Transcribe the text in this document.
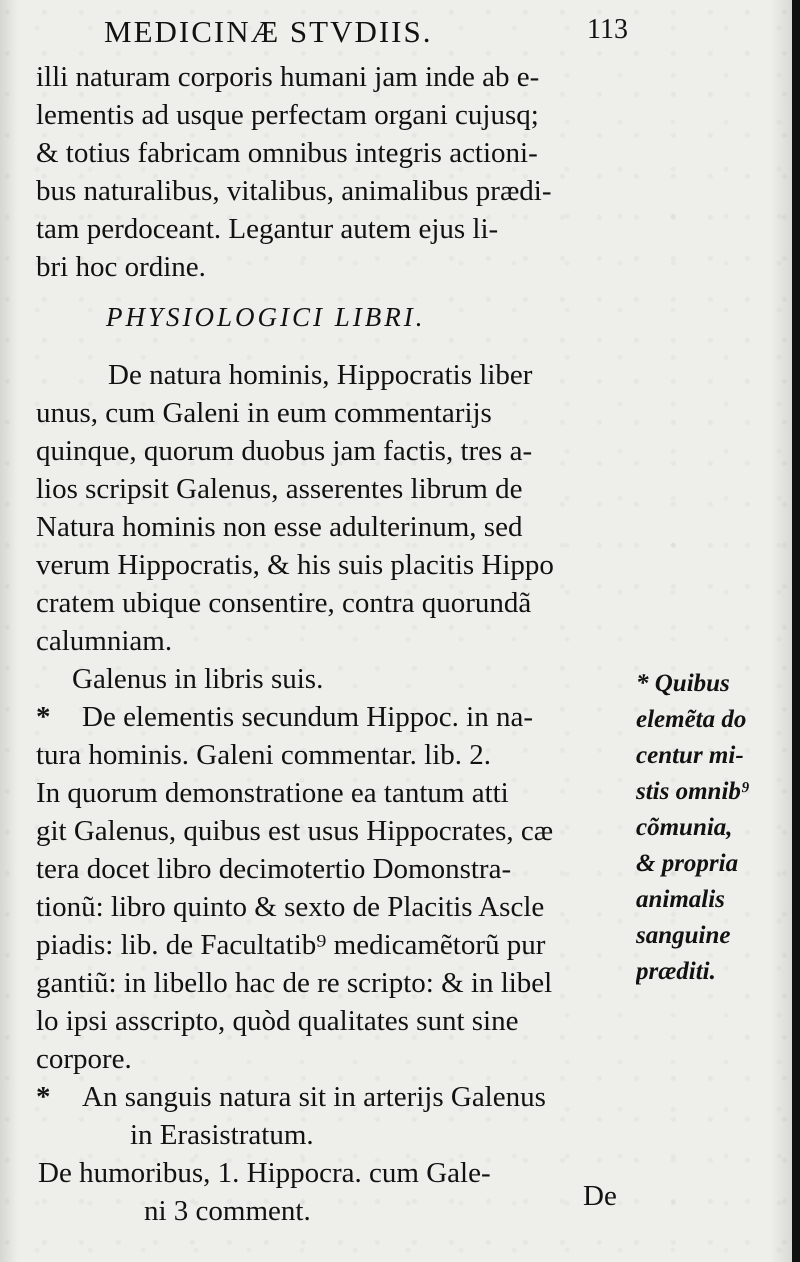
MEDICINÆ STVDIIS.	113
illi naturam corporis humani jam inde ab e-
lementis ad usque perfectam organi cujusq;
& totius fabricam omnibus integris actioni-
bus naturalibus, vitalibus, animalibus prædi-
tam perdoceant. Legantur autem ejus li-
bri hoc ordine.
PHYSIOLOGICI LIBRI.
De natura hominis, Hippocratis liber
unus, cum Galeni in eum commentarijs
quinque, quorum duobus jam factis, tres a-
lios scripsit Galenus, asserentes librum de
Natura hominis non esse adulterinum, sed
verum Hippocratis, & his suis placitis Hippo
cratem ubique consentire, contra quorundã
calumniam.
Galenus in libris suis.
* De elementis secundum Hippoc. in na-
tura hominis. Galeni commentar. lib. 2.
In quorum demonstratione ea tantum atti
git Galenus, quibus est usus Hippocrates, cæ
tera docet libro decimotertio Domonstra-
tionũ: libro quinto & sexto de Placitis Ascle
piadis: lib. de Facultatib⁹ medicamẽtorũ pur
gantiũ: in libello hac de re scripto: & in libel
lo ipsi asscripto, quòd qualitates sunt sine
corpore.
* An sanguis natura sit in arterijs Galenus
in Erasistratum.
De humoribus, 1. Hippocra. cum Gale-
ni 3 comment.	De
* Quibus
elemẽta do
centur mi-
stis omnib⁹
cõmunia,
& propria
animalis
sanguine
præditi.
